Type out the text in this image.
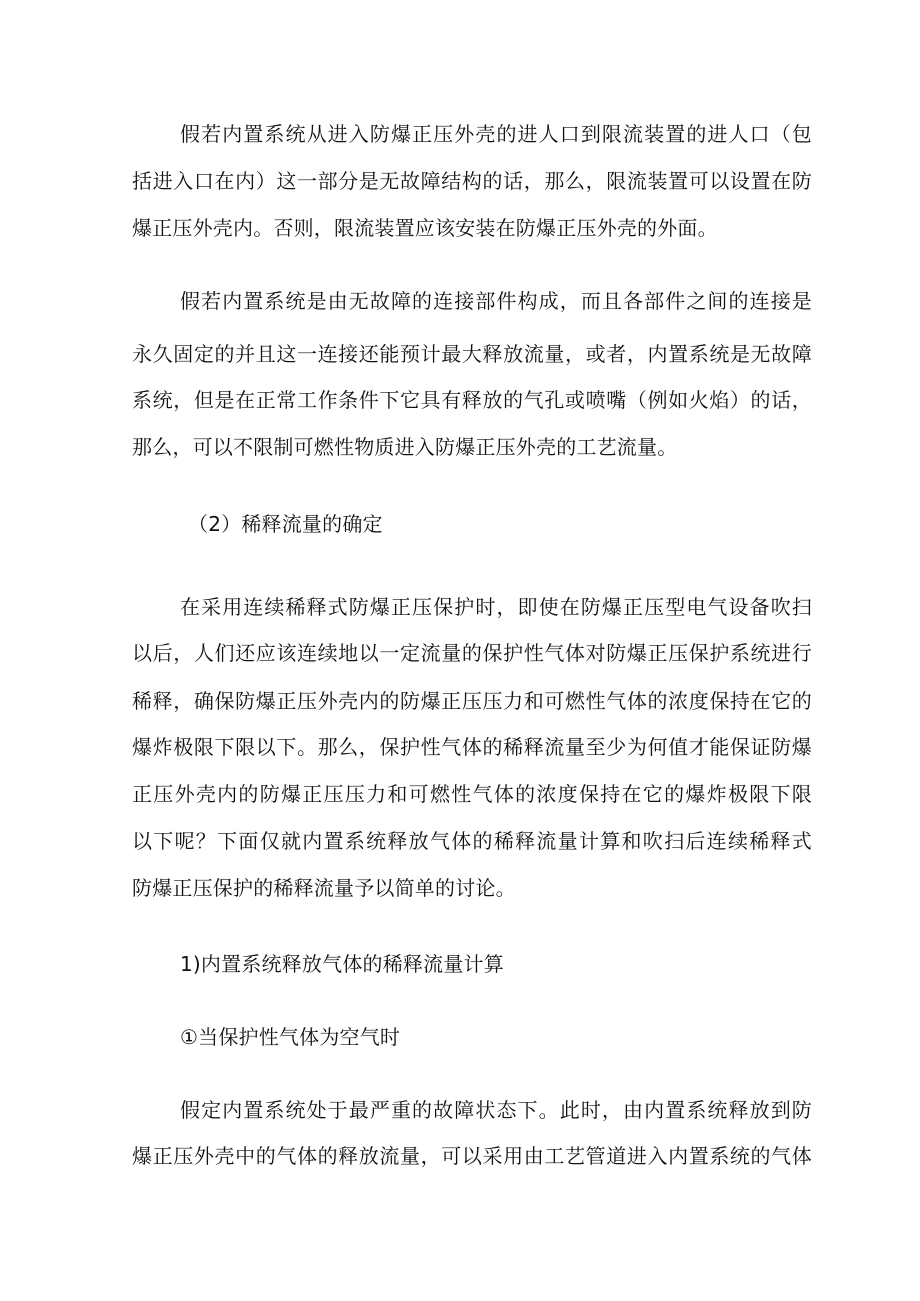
假若内置系统从进入防爆正压外壳的进人口到限流装置的进人口（包
括进入口在内）这一部分是无故障结构的话，那么，限流装置可以设置在防
爆正压外壳内。否则，限流装置应该安装在防爆正压外壳的外面。
假若内置系统是由无故障的连接部件构成，而且各部件之间的连接是
永久固定的并且这一连接还能预计最大释放流量，或者，内置系统是无故障
系统，但是在正常工作条件下它具有释放的气孔或喷嘴（例如火焰）的话，
那么，可以不限制可燃性物质进入防爆正压外壳的工艺流量。
（2）稀释流量的确定
在采用连续稀释式防爆正压保护时，即使在防爆正压型电气设备吹扫
以后，人们还应该连续地以一定流量的保护性气体对防爆正压保护系统进行
稀释，确保防爆正压外壳内的防爆正压压力和可燃性气体的浓度保持在它的
爆炸极限下限以下。那么，保护性气体的稀释流量至少为何值才能保证防爆
正压外壳内的防爆正压压力和可燃性气体的浓度保持在它的爆炸极限下限
以下呢？下面仅就内置系统释放气体的稀释流量计算和吹扫后连续稀释式
防爆正压保护的稀释流量予以简单的讨论。
1)内置系统释放气体的稀释流量计算
①当保护性气体为空气时
假定内置系统处于最严重的故障状态下。此时，由内置系统释放到防
爆正压外壳中的气体的释放流量，可以采用由工艺管道进入内置系统的气体
